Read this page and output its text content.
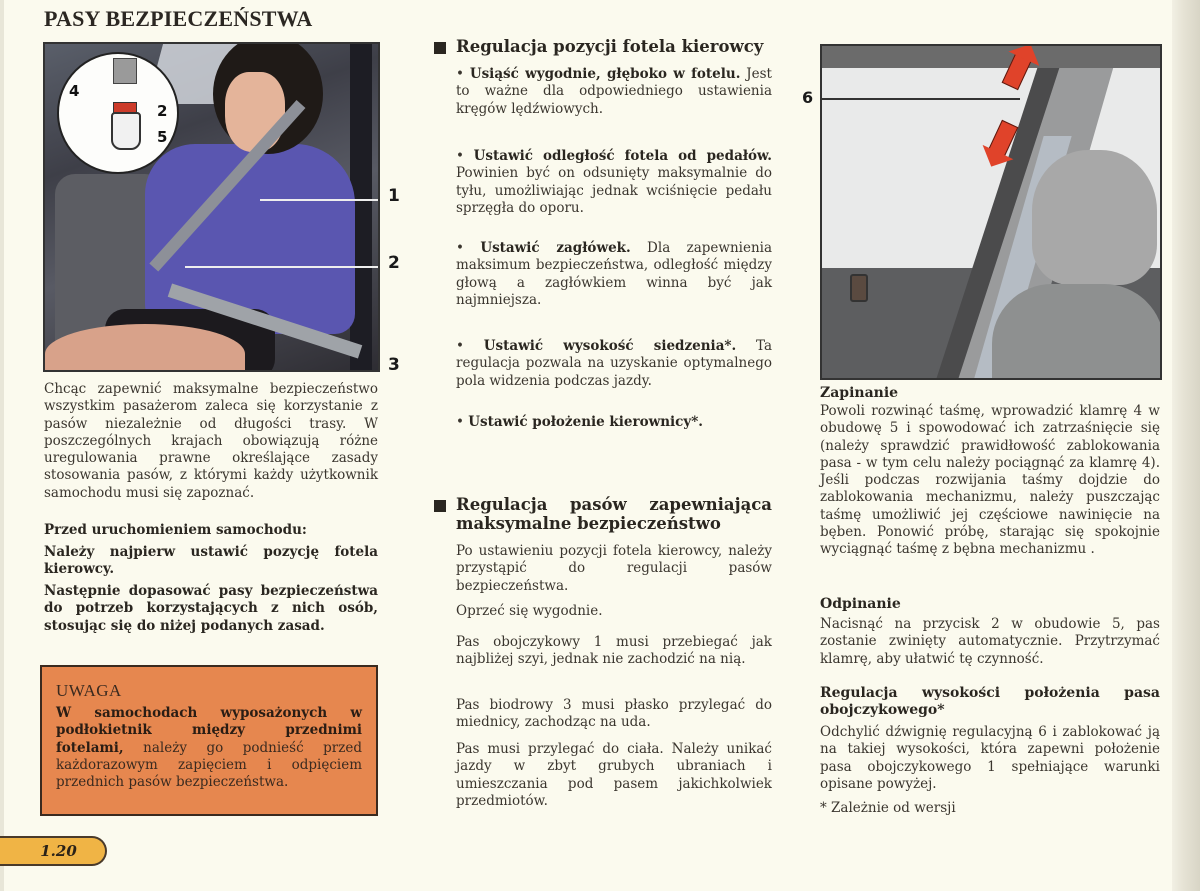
PASY BEZPIECZEŃSTWA
4
2
5
1
2
3

Chcąc zapewnić maksymalne bezpieczeństwo wszystkim pasażerom zaleca się korzystanie z pasów niezależnie od długości trasy. W poszczególnych krajach obowiązują różne uregulowania prawne określające zasady stosowania pasów, z którymi każdy użytkownik samochodu musi się zapoznać.

Przed uruchomieniem samochodu:

Należy najpierw ustawić pozycję fotela kierowcy.

Następnie dopasować pasy bezpieczeństwa do potrzeb korzystających z nich osób, stosując się do niżej podanych zasad.

UWAGA

W samochodach wyposażonych w podłokietnik między przednimi fotelami, należy go podnieść przed każdorazowym zapięciem i odpięciem przednich pasów bezpieczeństwa.

1.20
Regulacja pozycji fotela kierowcy

• Usiąść wygodnie, głęboko w fotelu. Jest to ważne dla odpowiedniego ustawienia kręgów lędźwiowych.

• Ustawić odległość fotela od pedałów. Powinien być on odsunięty maksymalnie do tyłu, umożliwiając jednak wciśnięcie pedału sprzęgła do oporu.

• Ustawić zagłówek. Dla zapewnienia maksimum bezpieczeństwa, odległość między głową a zagłówkiem winna być jak najmniejsza.

• Ustawić wysokość siedzenia*. Ta regulacja pozwala na uzyskanie optymalnego pola widzenia podczas jazdy.

• Ustawić położenie kierownicy*.

Regulacja pasów zapewniająca maksymalne bezpieczeństwo

Po ustawieniu pozycji fotela kierowcy, należy przystąpić do regulacji pasów bezpieczeństwa.

Oprzeć się wygodnie.

Pas obojczykowy 1 musi przebiegać jak najbliżej szyi, jednak nie zachodzić na nią.

Pas biodrowy 3 musi płasko przylegać do miednicy, zachodząc na uda.

Pas musi przylegać do ciała. Należy unikać jazdy w zbyt grubych ubraniach i umieszczania pod pasem jakichkolwiek przedmiotów.

6
Zapinanie

Powoli rozwinąć taśmę, wprowadzić klamrę 4 w obudowę 5 i spowodować ich zatrzaśnięcie się (należy sprawdzić prawidłowość zablokowania pasa - w tym celu należy pociągnąć za klamrę 4). Jeśli podczas rozwijania taśmy dojdzie do zablokowania mechanizmu, należy puszczając taśmę umożliwić jej częściowe nawinięcie na bęben. Ponowić próbę, starając się spokojnie wyciągnąć taśmę z bębna mechanizmu .

Odpinanie

Nacisnąć na przycisk 2 w obudowie 5, pas zostanie zwinięty automatycznie. Przytrzymać klamrę, aby ułatwić tę czynność.

Regulacja wysokości położenia pasa obojczykowego*

Odchylić dźwignię regulacyjną 6 i zablokować ją na takiej wysokości, która zapewni położenie pasa obojczykowego 1 spełniające warunki opisane powyżej.

* Zależnie od wersji
